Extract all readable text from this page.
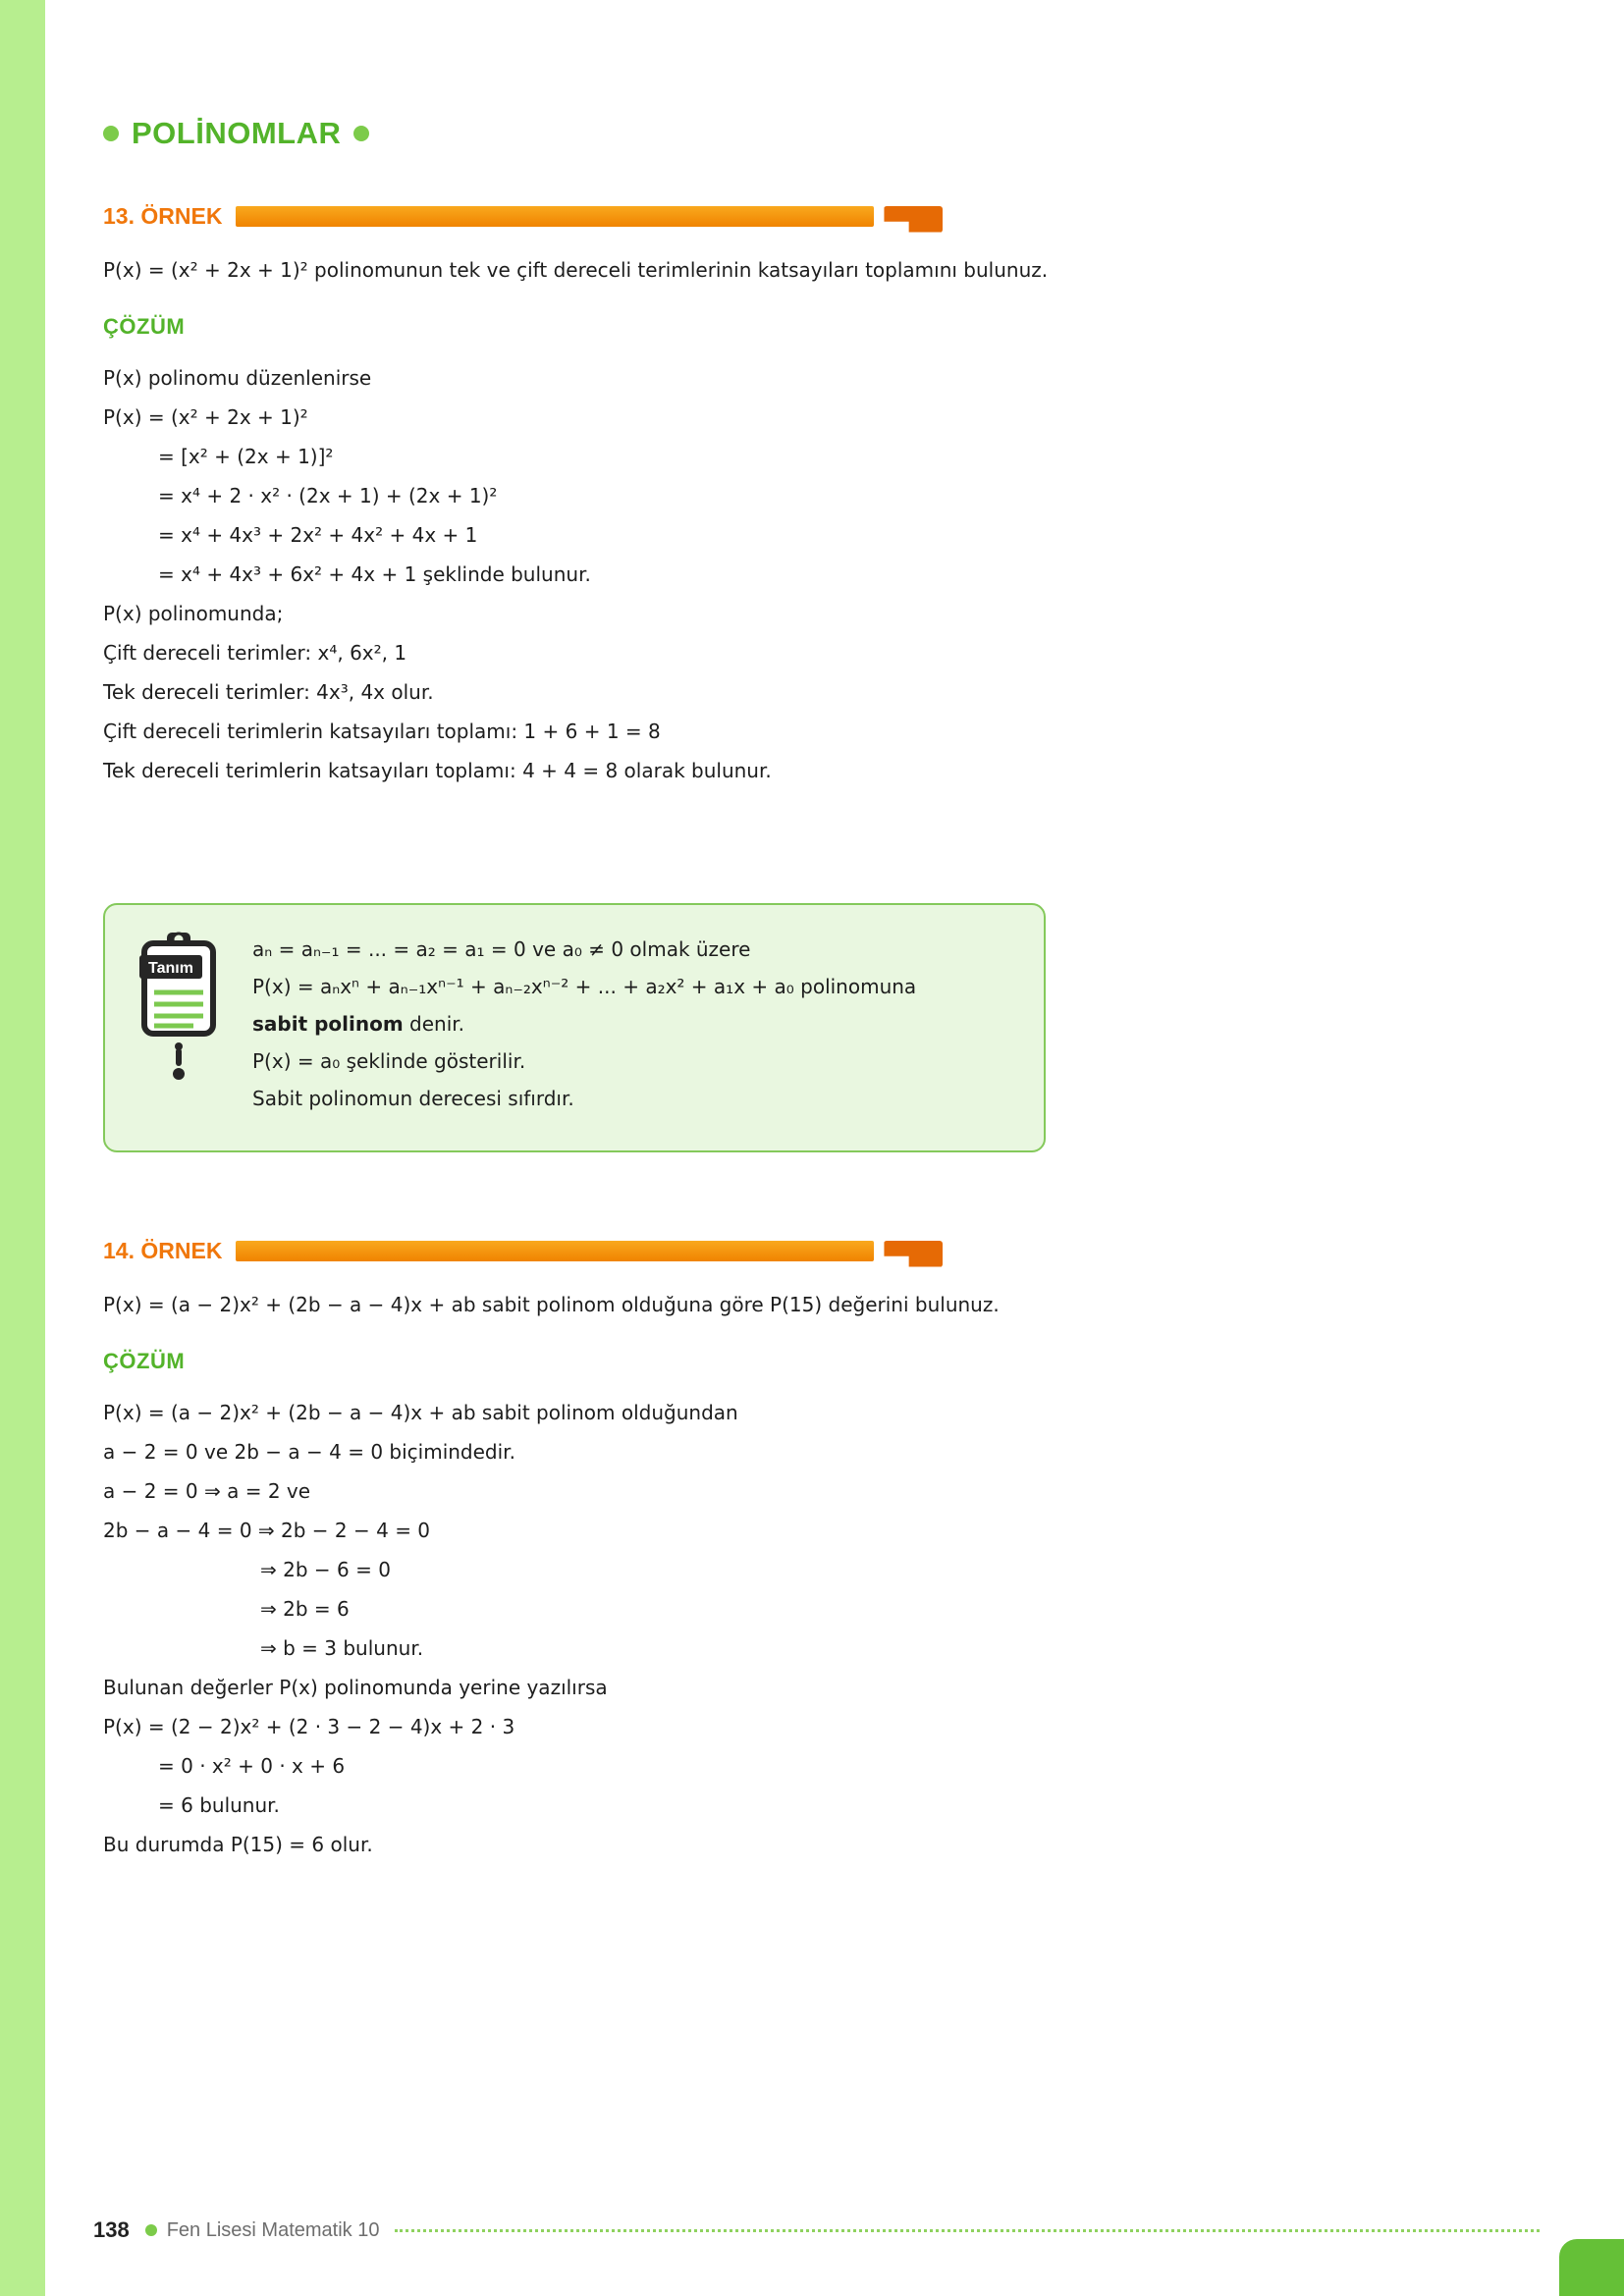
POLİNOMLAR
13. ÖRNEK

P(x) = (x² + 2x + 1)² polinomunun tek ve çift dereceli terimlerinin katsayıları toplamını bulunuz.

ÇÖZÜM
P(x) polinomu düzenlenirse
P(x) = (x² + 2x + 1)²
= [x² + (2x + 1)]²
= x⁴ + 2 · x² · (2x + 1) + (2x + 1)²
= x⁴ + 4x³ + 2x² + 4x² + 4x + 1
= x⁴ + 4x³ + 6x² + 4x + 1 şeklinde bulunur.
P(x) polinomunda;
Çift dereceli terimler: x⁴, 6x², 1
Tek dereceli terimler: 4x³, 4x olur.
Çift dereceli terimlerin katsayıları toplamı: 1 + 6 + 1 = 8
Tek dereceli terimlerin katsayıları toplamı: 4 + 4 = 8 olarak bulunur.
Tanım
aₙ = aₙ₋₁ = ... = a₂ = a₁ = 0 ve a₀ ≠ 0 olmak üzere
P(x) = aₙxⁿ + aₙ₋₁xⁿ⁻¹ + aₙ₋₂xⁿ⁻² + ... + a₂x² + a₁x + a₀ polinomuna
sabit polinom denir.
P(x) = a₀ şeklinde gösterilir.
Sabit polinomun derecesi sıfırdır.
14. ÖRNEK

P(x) = (a − 2)x² + (2b − a − 4)x + ab sabit polinom olduğuna göre P(15) değerini bulunuz.

ÇÖZÜM
P(x) = (a − 2)x² + (2b − a − 4)x + ab sabit polinom olduğundan
a − 2 = 0 ve 2b − a − 4 = 0 biçimindedir.
a − 2 = 0 ⇒ a = 2 ve
2b − a − 4 = 0 ⇒ 2b − 2 − 4 = 0
⇒ 2b − 6 = 0
⇒ 2b = 6
⇒ b = 3 bulunur.
Bulunan değerler P(x) polinomunda yerine yazılırsa
P(x) = (2 − 2)x² + (2 · 3 − 2 − 4)x + 2 · 3
= 0 · x² + 0 · x + 6
= 6 bulunur.
Bu durumda P(15) = 6 olur.
138 Fen Lisesi Matematik 10
